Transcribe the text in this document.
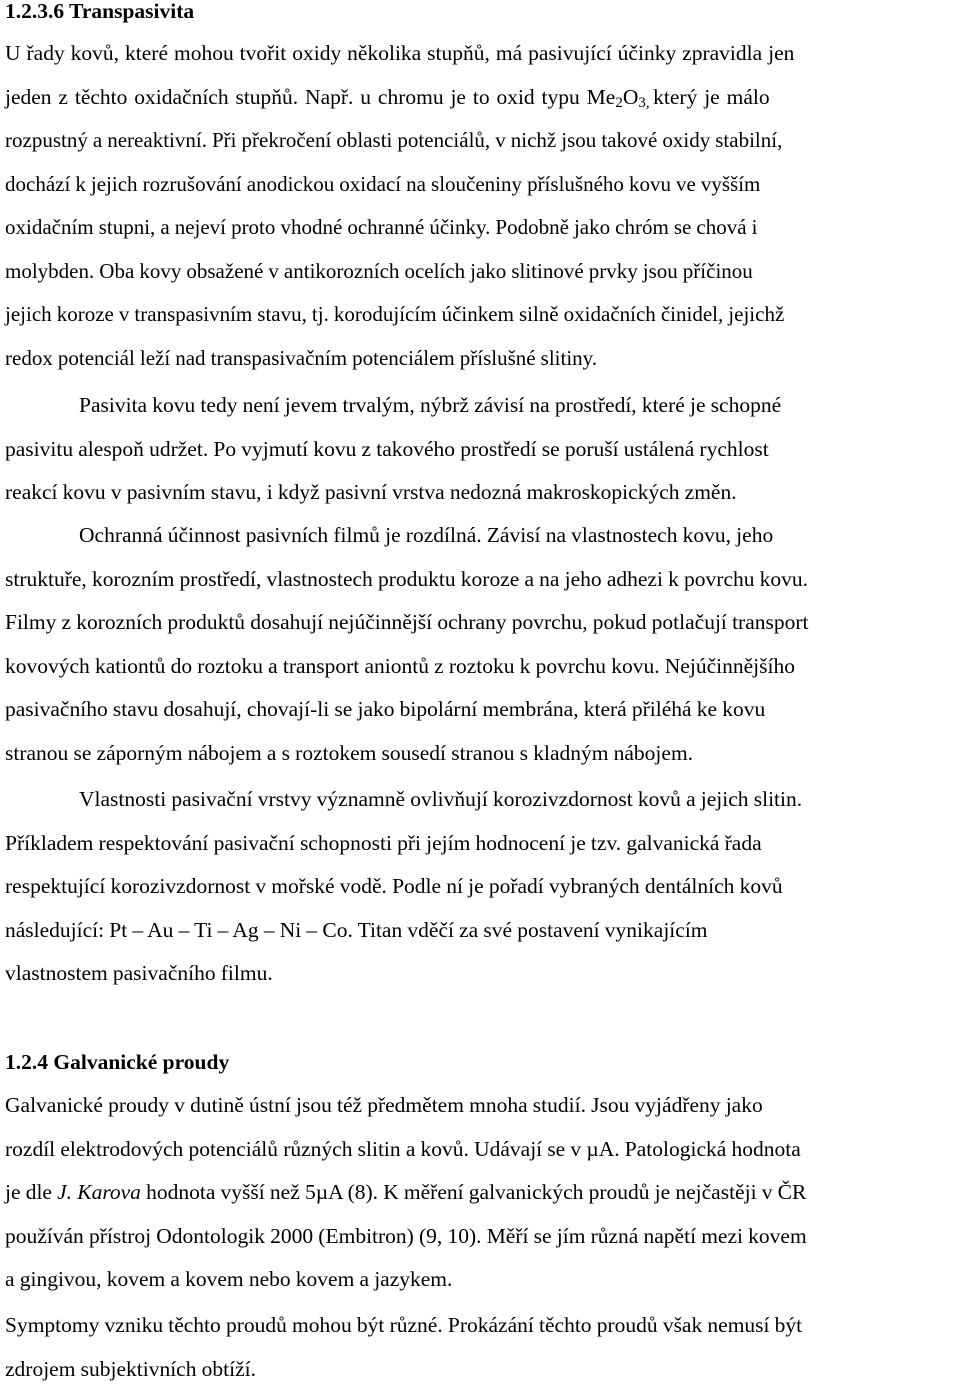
1.2.3.6 Transpasivita
U řady kovů, které mohou tvořit oxidy několika stupňů, má pasivující účinky zpravidla jen
jeden z těchto oxidačních stupňů. Např. u chromu je to oxid typu $Me_2O_{3,}$ který je málo
rozpustný a nereaktivní. Při překročení oblasti potenciálů, v nichž jsou takové oxidy stabilní,
dochází k jejich rozrušování anodickou oxidací na sloučeniny příslušného kovu ve vyšším
oxidačním stupni, a nejeví proto vhodné ochranné účinky. Podobně jako chróm se chová i
molybden. Oba kovy obsažené v antikorozních ocelích jako slitinové prvky jsou příčinou
jejich koroze v transpasivním stavu, tj. korodujícím účinkem silně oxidačních činidel, jejichž
redox potenciál leží nad transpasivačním potenciálem příslušné slitiny.
Pasivita kovu tedy není jevem trvalým, nýbrž závisí na prostředí, které je schopné
pasivitu alespoň udržet. Po vyjmutí kovu z takového prostředí se poruší ustálená rychlost
reakcí kovu v pasivním stavu, i když pasivní vrstva nedozná makroskopických změn.
Ochranná účinnost pasivních filmů je rozdílná. Závisí na vlastnostech kovu, jeho
struktuře, korozním prostředí, vlastnostech produktu koroze a na jeho adhezi k povrchu kovu.
Filmy z korozních produktů dosahují nejúčinnější ochrany povrchu, pokud potlačují transport
kovových kationtů do roztoku a transport aniontů z roztoku k povrchu kovu. Nejúčinnějšího
pasivačního stavu dosahují, chovají-li se jako bipolární membrána, která přiléhá ke kovu
stranou se záporným nábojem a s roztokem sousedí stranou s kladným nábojem.
Vlastnosti pasivační vrstvy významně ovlivňují korozivzdornost kovů a jejich slitin.
Příkladem respektování pasivační schopnosti při jejím hodnocení je tzv. galvanická řada
respektující korozivzdornost v mořské vodě. Podle ní je pořadí vybraných dentálních kovů
následující: Pt – Au – Ti – Ag – Ni – Co. Titan vděčí za své postavení vynikajícím
vlastnostem pasivačního filmu.
1.2.4 Galvanické proudy
Galvanické proudy v dutině ústní jsou též předmětem mnoha studií. Jsou vyjádřeny jako
rozdíl elektrodových potenciálů různých slitin a kovů. Udávají se v µA. Patologická hodnota
je dle J. Karova hodnota vyšší než 5µA (8). K měření galvanických proudů je nejčastěji v ČR
používán přístroj Odontologik 2000 (Embitron) (9, 10). Měří se jím různá napětí mezi kovem
a gingivou, kovem a kovem nebo kovem a jazykem.
Symptomy vzniku těchto proudů mohou být různé. Prokázání těchto proudů však nemusí být
zdrojem subjektivních obtíží.
